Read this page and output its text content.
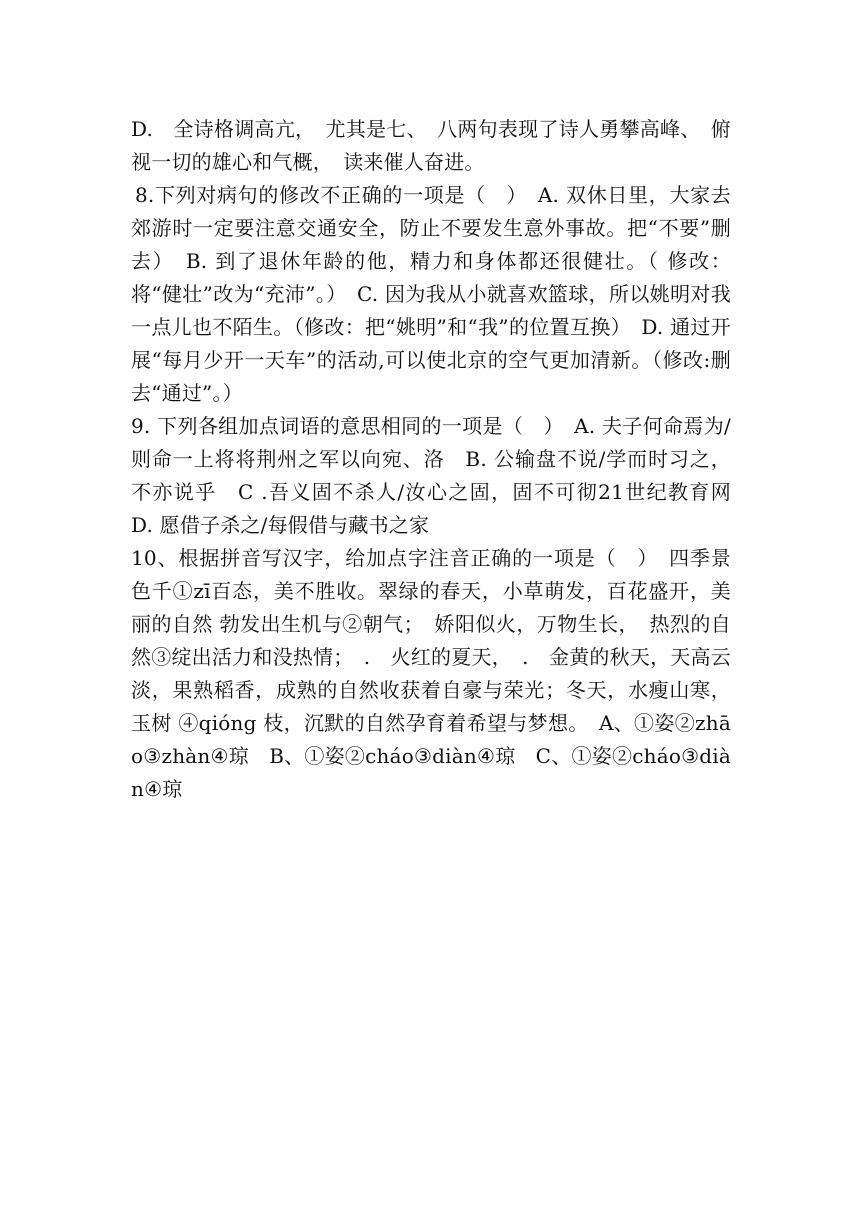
D.　全诗格调高亢，　尤其是七、　八两句表现了诗人勇攀高峰、　俯视一切的雄心和气概，　读来催人奋进。

8.下列对病句的修改不正确的一项是（　）　A. 双休日里，大家去郊游时一定要注意交通安全，防止不要发生意外事故。把“不要”删去）　B. 到了退休年龄的他，精力和身体都还很健壮。（ 修改：将“健壮”改为“充沛”。）　C. 因为我从小就喜欢篮球，所以姚明对我一点儿也不陌生。（修改：把“姚明”和“我”的位置互换）　D. 通过开展“每月少开一天车”的活动,可以使北京的空气更加清新。（修改:删去“通过”。）

9. 下列各组加点词语的意思相同的一项是（　）　A. 夫子何命焉为/则命一上将将荆州之军以向宛、洛　B. 公输盘不说/学而时习之，不亦说乎　C .吾义固不杀人/汝心之固，固不可彻21世纪教育网　D. 愿借子杀之/每假借与藏书之家

10、根据拼音写汉字，给加点字注音正确的一项是（　）　四季景色千①zī百态，美不胜收。翠绿的春天，小草萌发，百花盛开，美丽的自然 勃发出生机与②朝气；　娇阳似火，万物生长，　热烈的自然③绽出活力和没热情；　.　火红的夏天，　.　金黄的秋天，天高云淡，果熟稻香，成熟的自然收获着自豪与荣光；冬天，水瘦山寒，玉树 ④qióng 枝，沉默的自然孕育着希望与梦想。　A、①姿②zhāo③zhàn④琼　B、①姿②cháo③diàn④琼　C、①姿②cháo③diàn④琼
